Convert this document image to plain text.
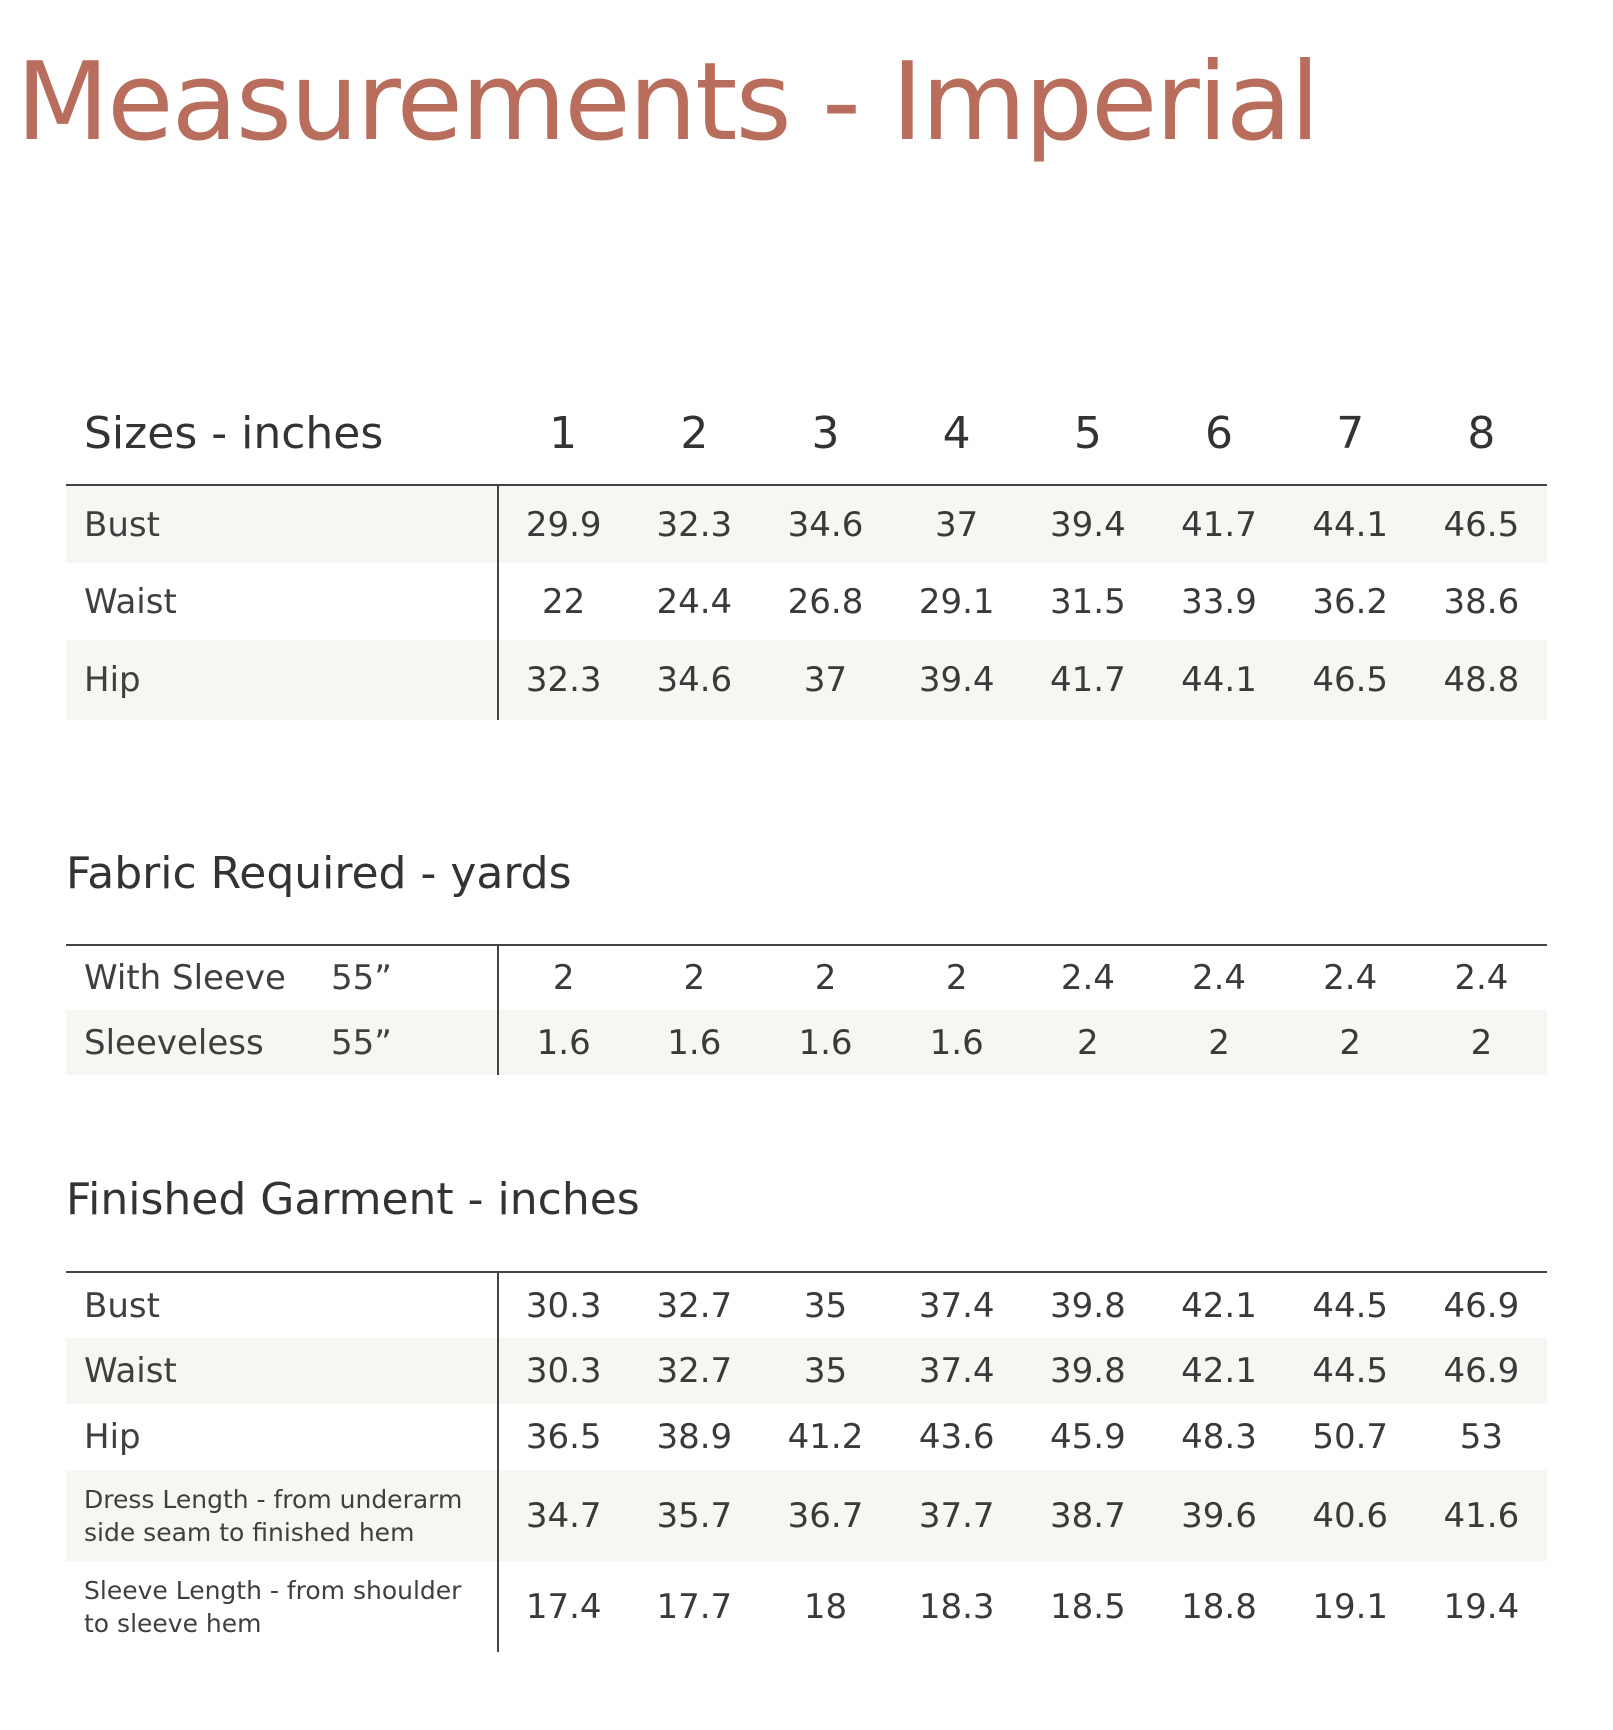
Measurements - Imperial
Sizes - inches	1	2	3	4	5	6	7	8
Bust	29.9	32.3	34.6	37	39.4	41.7	44.1	46.5
Waist	22	24.4	26.8	29.1	31.5	33.9	36.2	38.6
Hip	32.3	34.6	37	39.4	41.7	44.1	46.5	48.8
Fabric Required - yards
With Sleeve 55”	2	2	2	2	2.4	2.4	2.4	2.4
Sleeveless 55”	1.6	1.6	1.6	1.6	2	2	2	2
Finished Garment - inches
Bust	30.3	32.7	35	37.4	39.8	42.1	44.5	46.9
Waist	30.3	32.7	35	37.4	39.8	42.1	44.5	46.9
Hip	36.5	38.9	41.2	43.6	45.9	48.3	50.7	53

Dress Length - from underarm
side seam to finished hem	34.7	35.7	36.7	37.7	38.7	39.6	40.6	41.6

Sleeve Length - from shoulder
to sleeve hem	17.4	17.7	18	18.3	18.5	18.8	19.1	19.4
